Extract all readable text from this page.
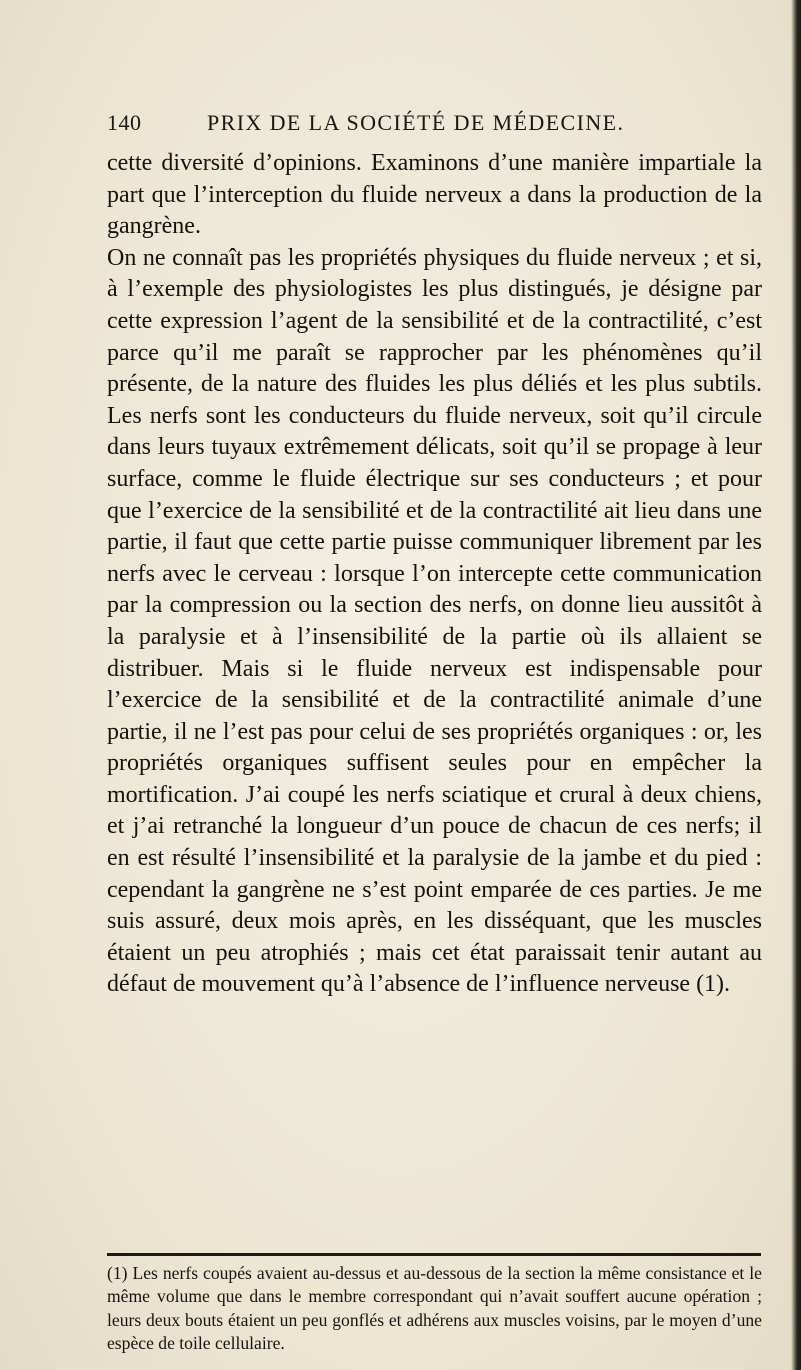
140	PRIX DE LA SOCIÉTÉ DE MÉDECINE.

cette diversité d’opinions. Examinons d’une manière impartiale la part que l’interception du fluide nerveux a dans la production de la gangrène.

On ne connaît pas les propriétés physiques du fluide nerveux ; et si, à l’exemple des physiologistes les plus distingués, je désigne par cette expression l’agent de la sensibilité et de la contractilité, c’est parce qu’il me paraît se rapprocher par les phénomènes qu’il présente, de la nature des fluides les plus déliés et les plus subtils. Les nerfs sont les conducteurs du fluide nerveux, soit qu’il circule dans leurs tuyaux extrêmement délicats, soit qu’il se propage à leur surface, comme le fluide électrique sur ses conducteurs ; et pour que l’exercice de la sensibilité et de la contractilité ait lieu dans une partie, il faut que cette partie puisse communiquer librement par les nerfs avec le cerveau : lorsque l’on intercepte cette communication par la compression ou la section des nerfs, on donne lieu aussitôt à la paralysie et à l’insensibilité de la partie où ils allaient se distribuer. Mais si le fluide nerveux est indispensable pour l’exercice de la sensibilité et de la contractilité animale d’une partie, il ne l’est pas pour celui de ses propriétés organiques : or, les propriétés organiques suffisent seules pour en empêcher la mortification. J’ai coupé les nerfs sciatique et crural à deux chiens, et j’ai retranché la longueur d’un pouce de chacun de ces nerfs; il en est résulté l’insensibilité et la paralysie de la jambe et du pied : cependant la gangrène ne s’est point emparée de ces parties. Je me suis assuré, deux mois après, en les disséquant, que les muscles étaient un peu atrophiés ; mais cet état paraissait tenir autant au défaut de mouvement qu’à l’absence de l’influence nerveuse (1).

(1) Les nerfs coupés avaient au-dessus et au-dessous de la section la même consistance et le même volume que dans le membre correspondant qui n’avait souffert aucune opération ; leurs deux bouts étaient un peu gonflés et adhérens aux muscles voisins, par le moyen d’une espèce de toile cellulaire.
